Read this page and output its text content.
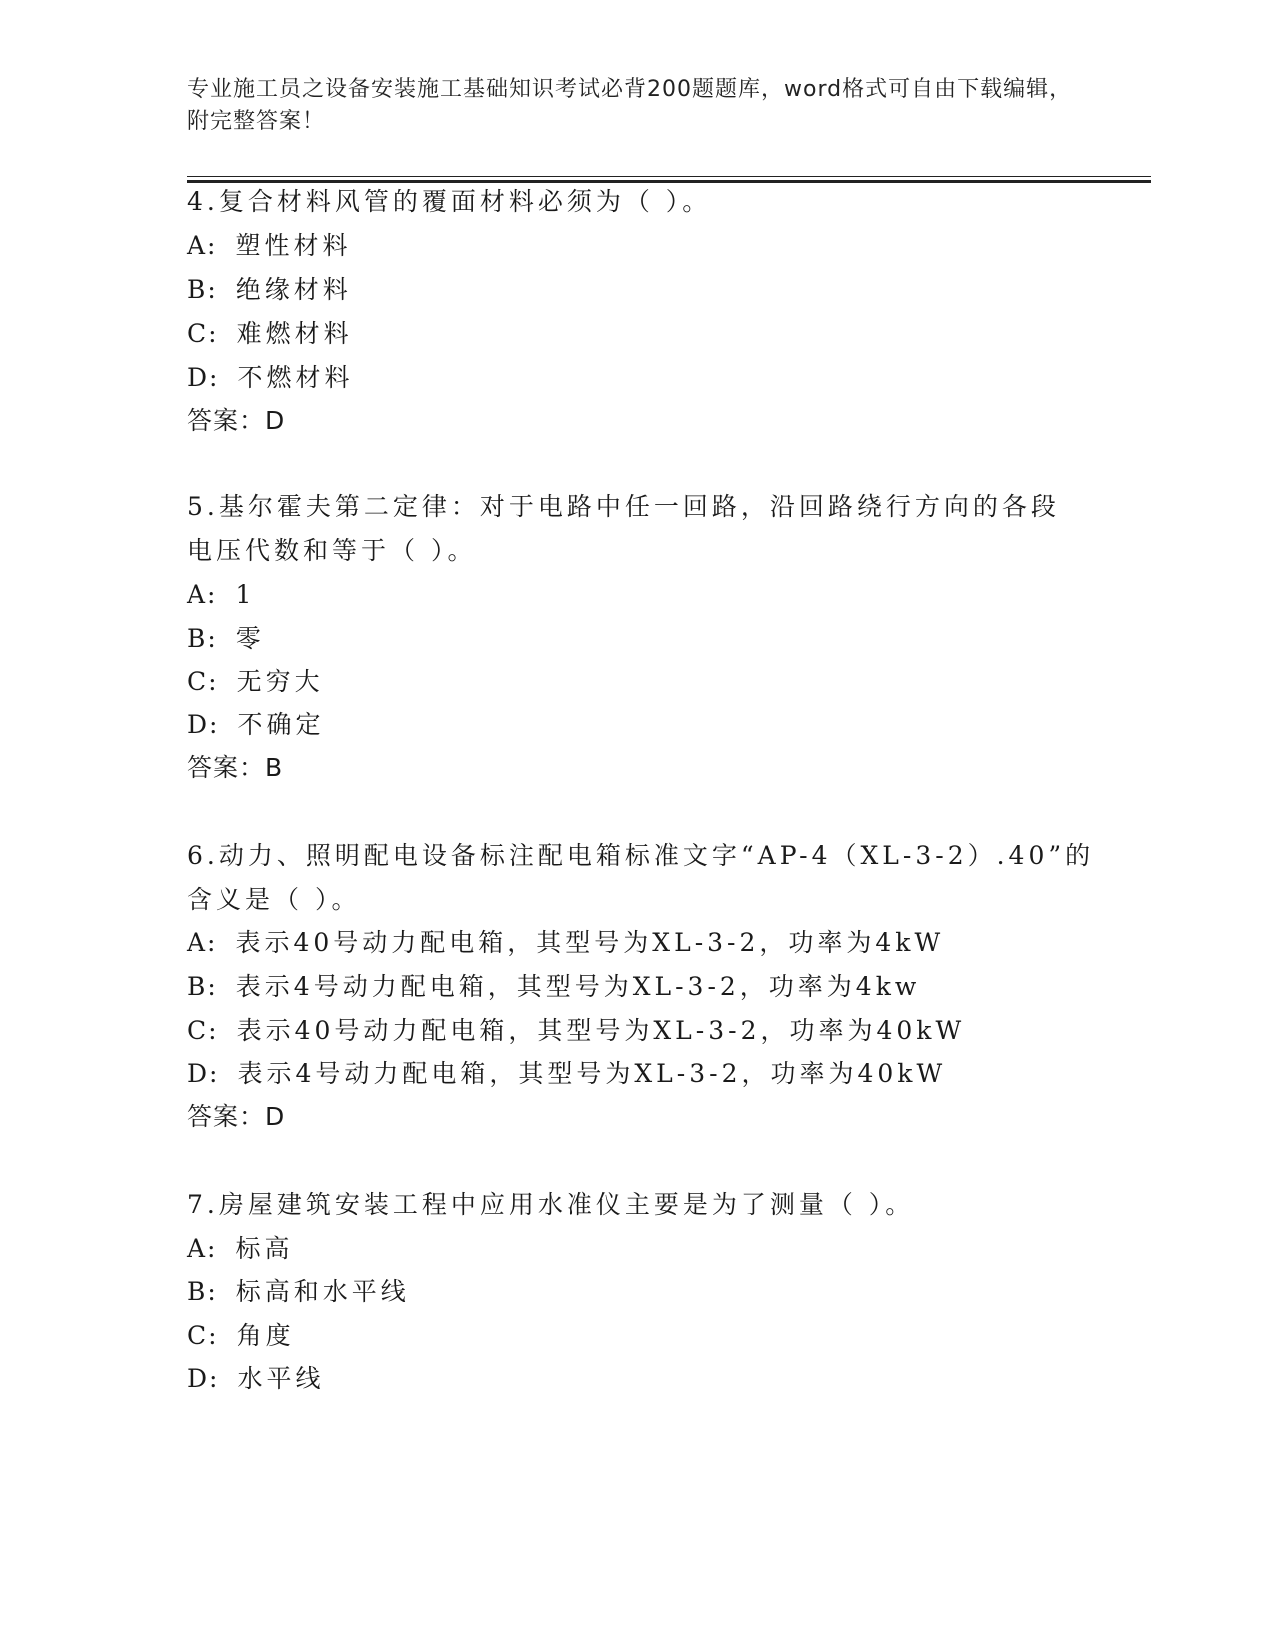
专业施工员之设备安装施工基础知识考试必背200题题库，word格式可自由下载编辑，附完整答案！
4.复合材料风管的覆面材料必须为（ ）。
A: 塑性材料
B: 绝缘材料
C: 难燃材料
D: 不燃材料
答案：D
5.基尔霍夫第二定律：对于电路中任一回路，沿回路绕行方向的各段
电压代数和等于（ ）。
A: 1
B: 零
C: 无穷大
D: 不确定
答案：B
6.动力、照明配电设备标注配电箱标准文字“AP-4（XL-3-2）.40”的
含义是（ ）。
A: 表示40号动力配电箱，其型号为XL-3-2，功率为4kW
B: 表示4号动力配电箱，其型号为XL-3-2，功率为4kw
C: 表示40号动力配电箱，其型号为XL-3-2，功率为40kW
D: 表示4号动力配电箱，其型号为XL-3-2，功率为40kW
答案：D
7.房屋建筑安装工程中应用水准仪主要是为了测量（ ）。
A: 标高
B: 标高和水平线
C: 角度
D: 水平线
